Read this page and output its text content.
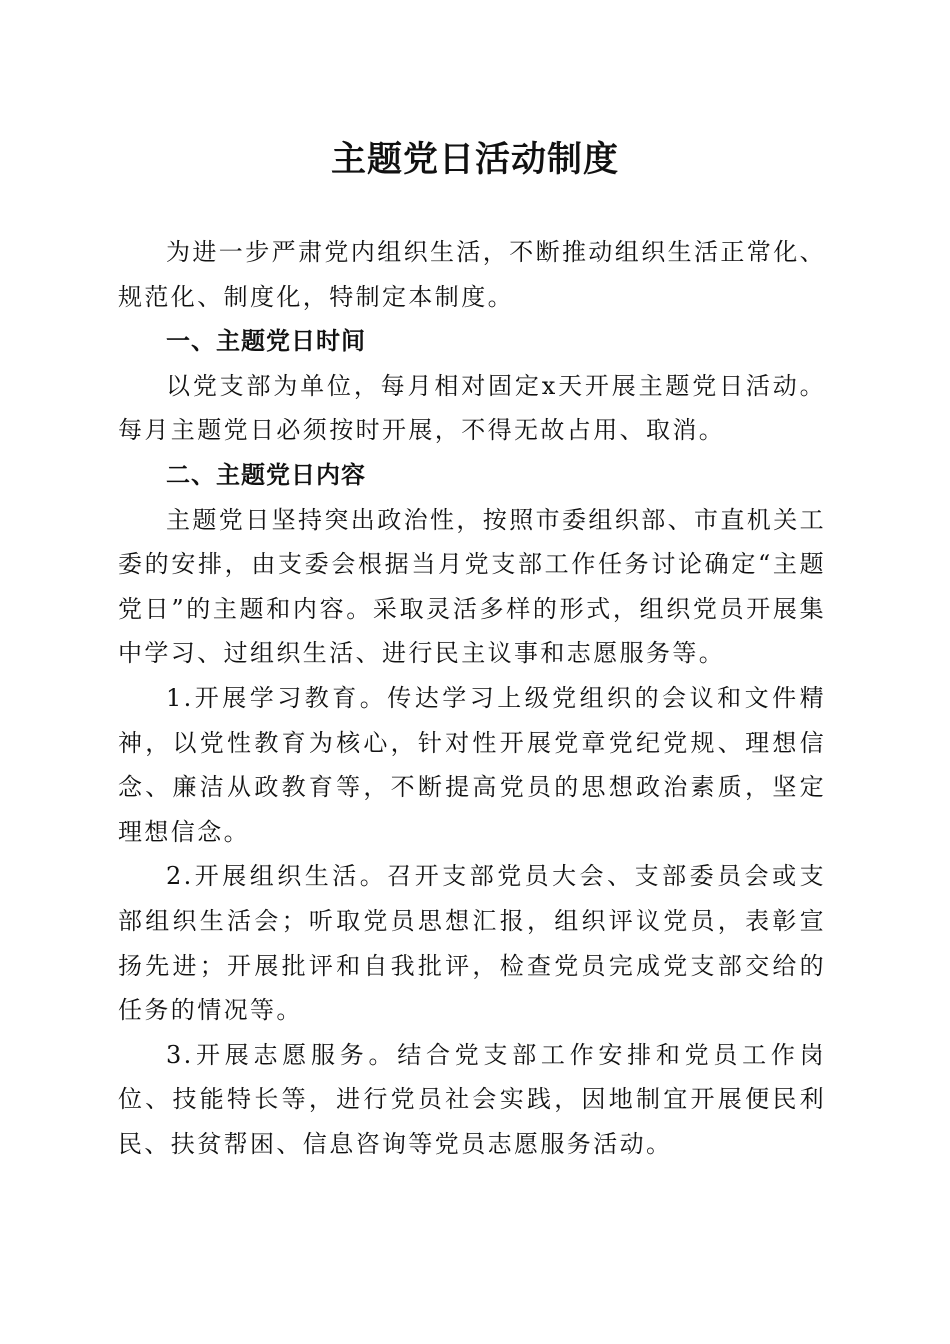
主题党日活动制度

为进一步严肃党内组织生活，不断推动组织生活正常化、规范化、制度化，特制定本制度。

一、主题党日时间

以党支部为单位，每月相对固定x天开展主题党日活动。每月主题党日必须按时开展，不得无故占用、取消。

二、主题党日内容

主题党日坚持突出政治性，按照市委组织部、市直机关工委的安排，由支委会根据当月党支部工作任务讨论确定“主题党日”的主题和内容。采取灵活多样的形式，组织党员开展集中学习、过组织生活、进行民主议事和志愿服务等。

1.开展学习教育。传达学习上级党组织的会议和文件精神，以党性教育为核心，针对性开展党章党纪党规、理想信念、廉洁从政教育等，不断提高党员的思想政治素质，坚定理想信念。

2.开展组织生活。召开支部党员大会、支部委员会或支部组织生活会；听取党员思想汇报，组织评议党员，表彰宣扬先进；开展批评和自我批评，检查党员完成党支部交给的任务的情况等。

3.开展志愿服务。结合党支部工作安排和党员工作岗位、技能特长等，进行党员社会实践，因地制宜开展便民利民、扶贫帮困、信息咨询等党员志愿服务活动。
